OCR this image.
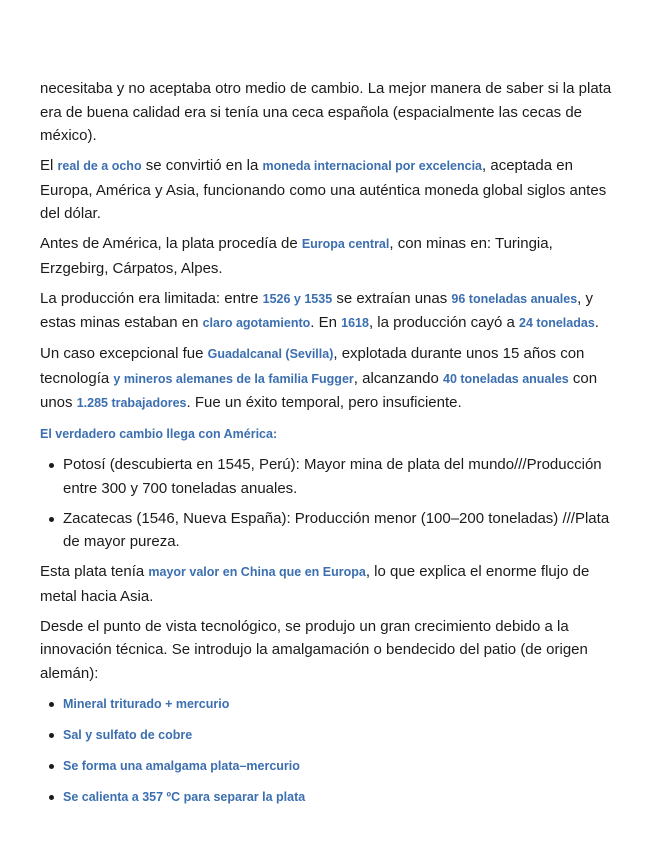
necesitaba y no aceptaba otro medio de cambio. La mejor manera de saber si la plata era de buena calidad era si tenía una ceca española (espacialmente las cecas de méxico).

El real de a ocho se convirtió en la moneda internacional por excelencia, aceptada en Europa, América y Asia, funcionando como una auténtica moneda global siglos antes del dólar.

Antes de América, la plata procedía de Europa central, con minas en: Turingia, Erzgebirg, Cárpatos, Alpes.

La producción era limitada: entre 1526 y 1535 se extraían unas 96 toneladas anuales, y estas minas estaban en claro agotamiento. En 1618, la producción cayó a 24 toneladas.

Un caso excepcional fue Guadalcanal (Sevilla), explotada durante unos 15 años con tecnología y mineros alemanes de la familia Fugger, alcanzando 40 toneladas anuales con unos 1.285 trabajadores. Fue un éxito temporal, pero insuficiente.

El verdadero cambio llega con América:

Potosí (descubierta en 1545, Perú): Mayor mina de plata del mundo///Producción entre 300 y 700 toneladas anuales.
Zacatecas (1546, Nueva España): Producción menor (100–200 toneladas) ///Plata de mayor pureza.

Esta plata tenía mayor valor en China que en Europa, lo que explica el enorme flujo de metal hacia Asia.

Desde el punto de vista tecnológico, se produjo un gran crecimiento debido a la innovación técnica. Se introdujo la amalgamación o bendecido del patio (de origen alemán):

Mineral triturado + mercurio
Sal y sulfato de cobre
Se forma una amalgama plata–mercurio
Se calienta a 357 ºC para separar la plata
